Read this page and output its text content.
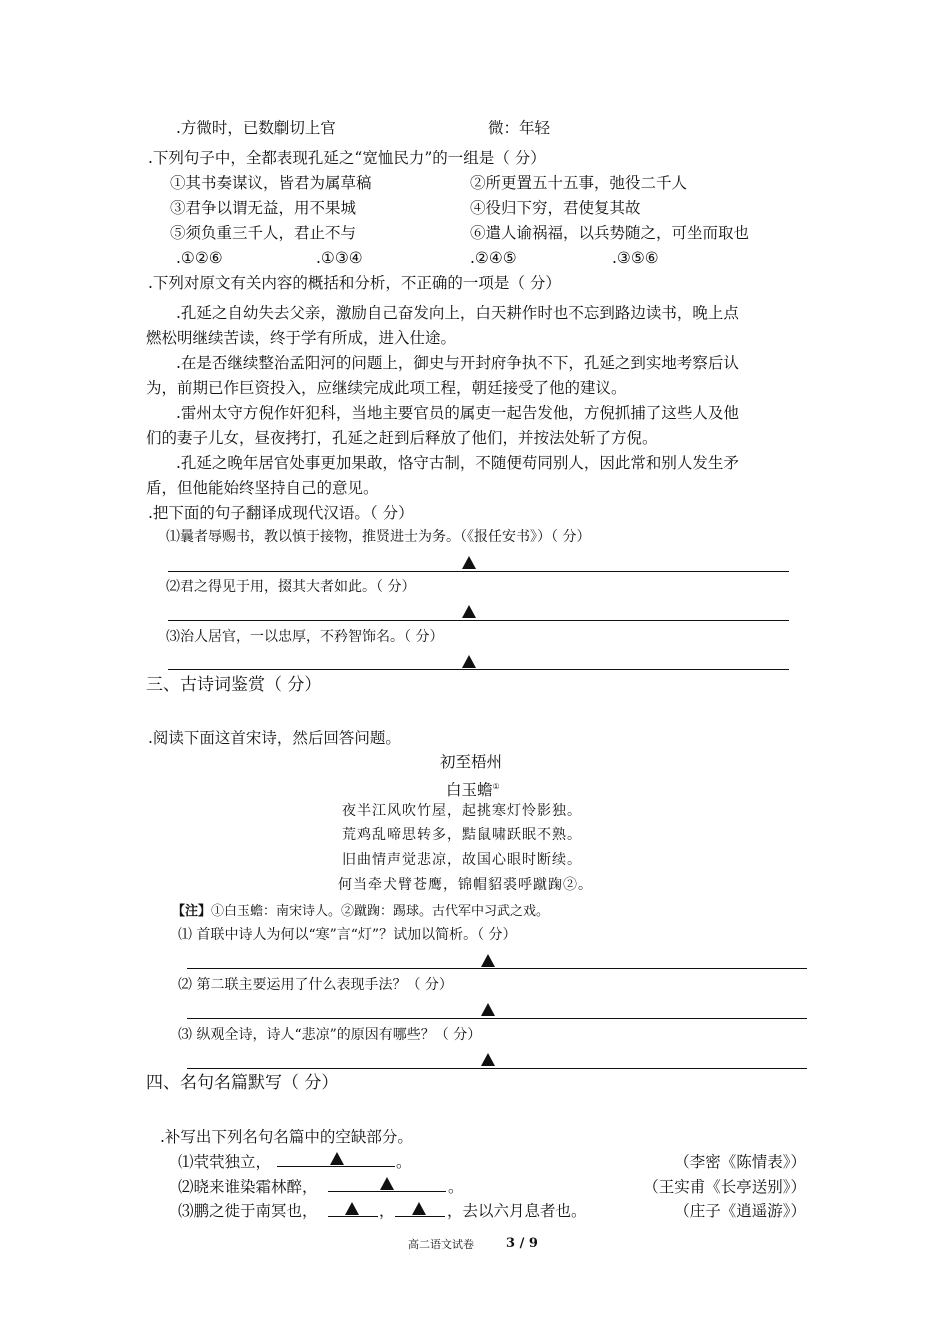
.方微时，已数劘切上官	微：年轻
.下列句子中，全都表现孔延之“宽恤民力”的一组是（ 分）
①其书奏谋议，皆君为属草稿	②所更置五十五事，弛役二千人
③君争以谓无益，用不果城	④役归下穷，君使复其故
⑤须负重三千人，君止不与	⑥遣人谕祸福，以兵势随之，可坐而取也
.①②⑥	.①③④	.②④⑤	.③⑤⑥
.下列对原文有关内容的概括和分析，不正确的一项是（ 分）
.孔延之自幼失去父亲，激励自己奋发向上，白天耕作时也不忘到路边读书，晚上点
燃松明继续苦读，终于学有所成，进入仕途。
.在是否继续整治孟阳河的问题上，御史与开封府争执不下，孔延之到实地考察后认
为，前期已作巨资投入，应继续完成此项工程，朝廷接受了他的建议。
.雷州太守方倪作奸犯科，当地主要官员的属吏一起告发他，方倪抓捕了这些人及他
们的妻子儿女，昼夜拷打，孔延之赶到后释放了他们，并按法处斩了方倪。
.孔延之晚年居官处事更加果敢，恪守古制，不随便苟同别人，因此常和别人发生矛
盾，但他能始终坚持自己的意见。
.把下面的句子翻译成现代汉语。（ 分）
⑴曩者辱赐书，教以慎于接物，推贤进士为务。（《报任安书》）（ 分）
⑵君之得见于用，掇其大者如此。（ 分）
⑶治人居官，一以忠厚，不矜智饰名。（ 分）
三、古诗词鉴赏（ 分）
.阅读下面这首宋诗，然后回答问题。
初至梧州
白玉蟾①
夜半江风吹竹屋，起挑寒灯怜影独。
荒鸡乱啼思转多，黠鼠啸跃眠不熟。
旧曲情声觉悲凉，故国心眼时断续。
何当牵犬臂苍鹰，锦帽貂裘呼蹴踘②。
【注】①白玉蟾：南宋诗人。②蹴踘：踢球。古代军中习武之戏。
⑴ 首联中诗人为何以“寒”言“灯”？试加以简析。（ 分）
⑵ 第二联主要运用了什么表现手法？（ 分）
⑶ 纵观全诗，诗人“悲凉”的原因有哪些？（ 分）
四、名句名篇默写（ 分）
.补写出下列名句名篇中的空缺部分。
⑴茕茕独立，	。	（李密《陈情表》）
⑵晓来谁染霜林醉，	。	（王实甫《长亭送别》）
⑶鹏之徙于南冥也，	，	，去以六月息者也。	（庄子《逍遥游》）
高二语文试卷 3 / 9
